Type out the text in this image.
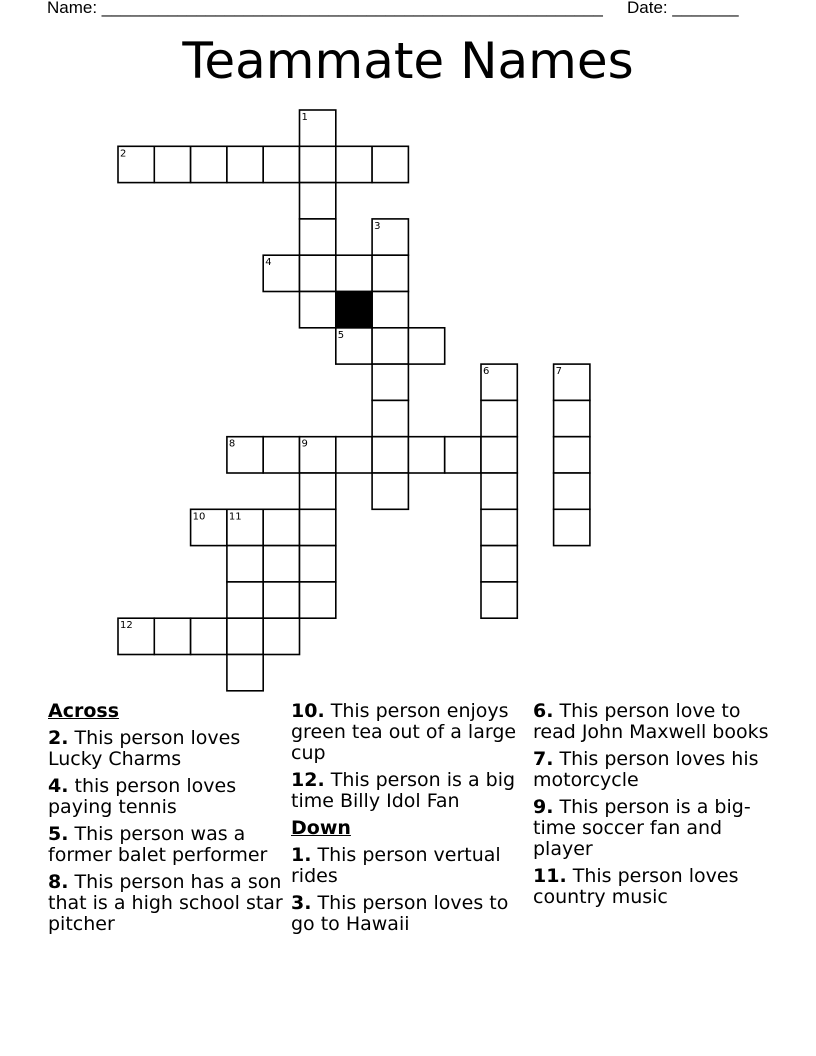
Name: _____________________________________________________ Date: _______
Teammate Names
1
2
3
4
5
6	7
8	9
10 11
12
Across
2. This person loves Lucky Charms
4. this person loves paying tennis
5. This person was a former balet performer
8. This person has a son that is a high school star pitcher
10. This person enjoys green tea out of a large cup
12. This person is a big time Billy Idol Fan
Down
1. This person vertual rides
3. This person loves to go to Hawaii
6. This person love to read John Maxwell books
7. This person loves his motorcycle
9. This person is a big-time soccer fan and player
11. This person loves country music
